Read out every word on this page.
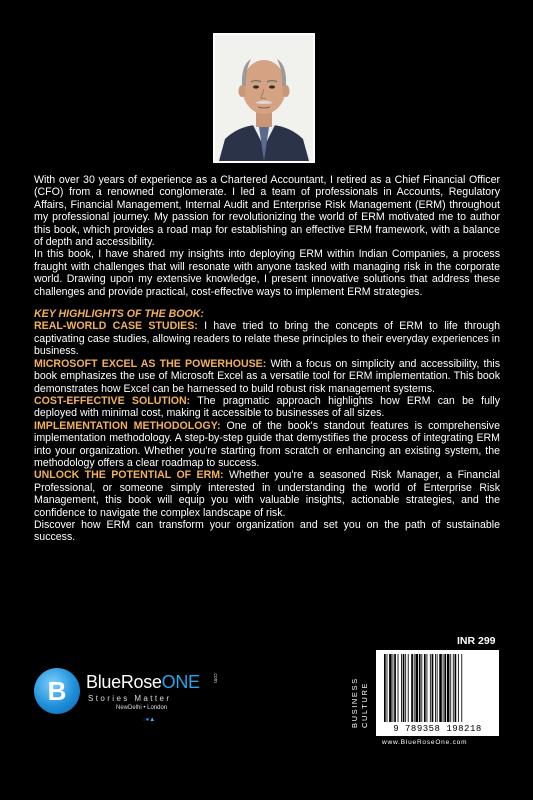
With over 30 years of experience as a Chartered Accountant, I retired as a Chief Financial Officer (CFO) from a renowned conglomerate. I led a team of professionals in Accounts, Regulatory Affairs, Financial Management, Internal Audit and Enterprise Risk Management (ERM) throughout my professional journey. My passion for revolutionizing the world of ERM motivated me to author this book, which provides a road map for establishing an effective ERM framework, with a balance of depth and accessibility.

In this book, I have shared my insights into deploying ERM within Indian Companies, a process fraught with challenges that will resonate with anyone tasked with managing risk in the corporate world. Drawing upon my extensive knowledge, I present innovative solutions that address these challenges and provide practical, cost-effective ways to implement ERM strategies.

KEY HIGHLIGHTS OF THE BOOK:

REAL-WORLD CASE STUDIES: I have tried to bring the concepts of ERM to life through captivating case studies, allowing readers to relate these principles to their everyday experiences in business.

MICROSOFT EXCEL AS THE POWERHOUSE: With a focus on simplicity and accessibility, this book emphasizes the use of Microsoft Excel as a versatile tool for ERM implementation. This book demonstrates how Excel can be harnessed to build robust risk management systems.

COST-EFFECTIVE SOLUTION: The pragmatic approach highlights how ERM can be fully deployed with minimal cost, making it accessible to businesses of all sizes.

IMPLEMENTATION METHODOLOGY: One of the book's standout features is comprehensive implementation methodology. A step-by-step guide that demystifies the process of integrating ERM into your organization. Whether you're starting from scratch or enhancing an existing system, the methodology offers a clear roadmap to success.

UNLOCK THE POTENTIAL OF ERM: Whether you're a seasoned Risk Manager, a Financial Professional, or someone simply interested in understanding the world of Enterprise Risk Management, this book will equip you with valuable insights, actionable strategies, and the confidence to navigate the complex landscape of risk.

Discover how ERM can transform your organization and set you on the path of sustainable success.

INR 299
B	BlueRoseONE .com
Stories Matter
NewDelhi • London
◌●▲	BUSINESS CULTURE
9 789358 198218
www.BlueRoseOne.com
